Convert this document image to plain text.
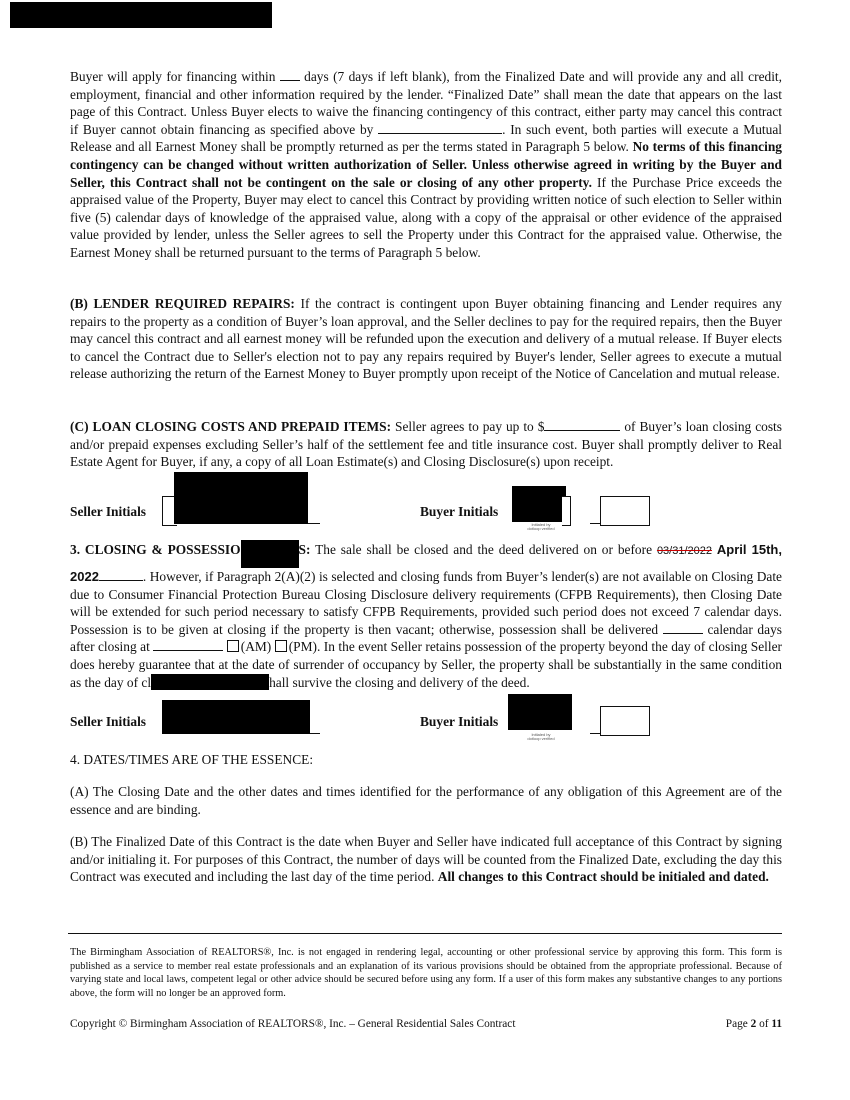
Buyer will apply for financing within days (7 days if left blank), from the Finalized Date and will provide any and all credit, employment, financial and other information required by the lender. “Finalized Date” shall mean the date that appears on the last page of this Contract. Unless Buyer elects to waive the financing contingency of this contract, either party may cancel this contract if Buyer cannot obtain financing as specified above by	. In such event, both parties will execute a Mutual Release and all Earnest Money shall be promptly returned as per the terms stated in Paragraph 5 below. No terms of this financing contingency can be changed without written authorization of Seller. Unless otherwise agreed in writing by the Buyer and Seller, this Contract shall not be contingent on the sale or closing of any other property. If the Purchase Price exceeds the appraised value of the Property, Buyer may elect to cancel this Contract by providing written notice of such election to Seller within five (5) calendar days of knowledge of the appraised value, along with a copy of the appraisal or other evidence of the appraised value provided by lender, unless the Seller agrees to sell the Property under this Contract for the appraised value. Otherwise, the Earnest Money shall be returned pursuant to the terms of Paragraph 5 below.

(B) LENDER REQUIRED REPAIRS: If the contract is contingent upon Buyer obtaining financing and Lender requires any repairs to the property as a condition of Buyer’s loan approval, and the Seller declines to pay for the required repairs, then the Buyer may cancel this contract and all earnest money will be refunded upon the execution and delivery of a mutual release. If Buyer elects to cancel the Contract due to Seller's election not to pay any repairs required by Buyer's lender, Seller agrees to execute a mutual release authorizing the return of the Earnest Money to Buyer promptly upon receipt of the Notice of Cancelation and mutual release.

(C) LOAN CLOSING COSTS AND PREPAID ITEMS: Seller agrees to pay up to $	of Buyer’s loan closing costs and/or prepaid expenses excluding Seller’s half of the settlement fee and title insurance cost. Buyer shall promptly deliver to Real Estate Agent for Buyer, if any, a copy of all Loan Estimate(s) and Closing Disclosure(s) upon receipt.

Seller Initials	Buyer Initials
Initialed by
dotloop verified

3. CLOSING & POSSESSIO	S: The sale shall be closed and the deed delivered on or before 03/31/2022 April 15th, 2022	. However, if Paragraph 2(A)(2) is selected and closing funds from Buyer’s lender(s) are not available on Closing Date due to Consumer Financial Protection Bureau Closing Disclosure delivery requirements (CFPB Requirements), then Closing Date will be extended for such period necessary to satisfy CFPB Requirements, provided such period does not exceed 7 calendar days. Possession is to be given at closing if the property is then vacant; otherwise, possession shall be delivered	calendar days after closing at	(AM) (PM). In the event Seller retains possession of the property beyond the day of closing Seller does hereby guarantee that at the date of surrender of occupancy by Seller, the property shall be substantially in the same condition as the day of cl	hall survive the closing and delivery of the deed.

Seller Initials	Buyer Initials
Initialed by
dotloop verified
4. DATES/TIMES ARE OF THE ESSENCE:

(A) The Closing Date and the other dates and times identified for the performance of any obligation of this Agreement are of the essence and are binding.

(B) The Finalized Date of this Contract is the date when Buyer and Seller have indicated full acceptance of this Contract by signing and/or initialing it. For purposes of this Contract, the number of days will be counted from the Finalized Date, excluding the day this Contract was executed and including the last day of the time period. All changes to this Contract should be initialed and dated.

The Birmingham Association of REALTORS®, Inc. is not engaged in rendering legal, accounting or other professional service by approving this form. This form is published as a service to member real estate professionals and an explanation of its various provisions should be obtained from the appropriate professional. Because of varying state and local laws, competent legal or other advice should be secured before using any form. If a user of this form makes any substantive changes to any portions above, the form will no longer be an approved form.

Copyright © Birmingham Association of REALTORS®, Inc. – General Residential Sales Contract	Page 2 of 11
